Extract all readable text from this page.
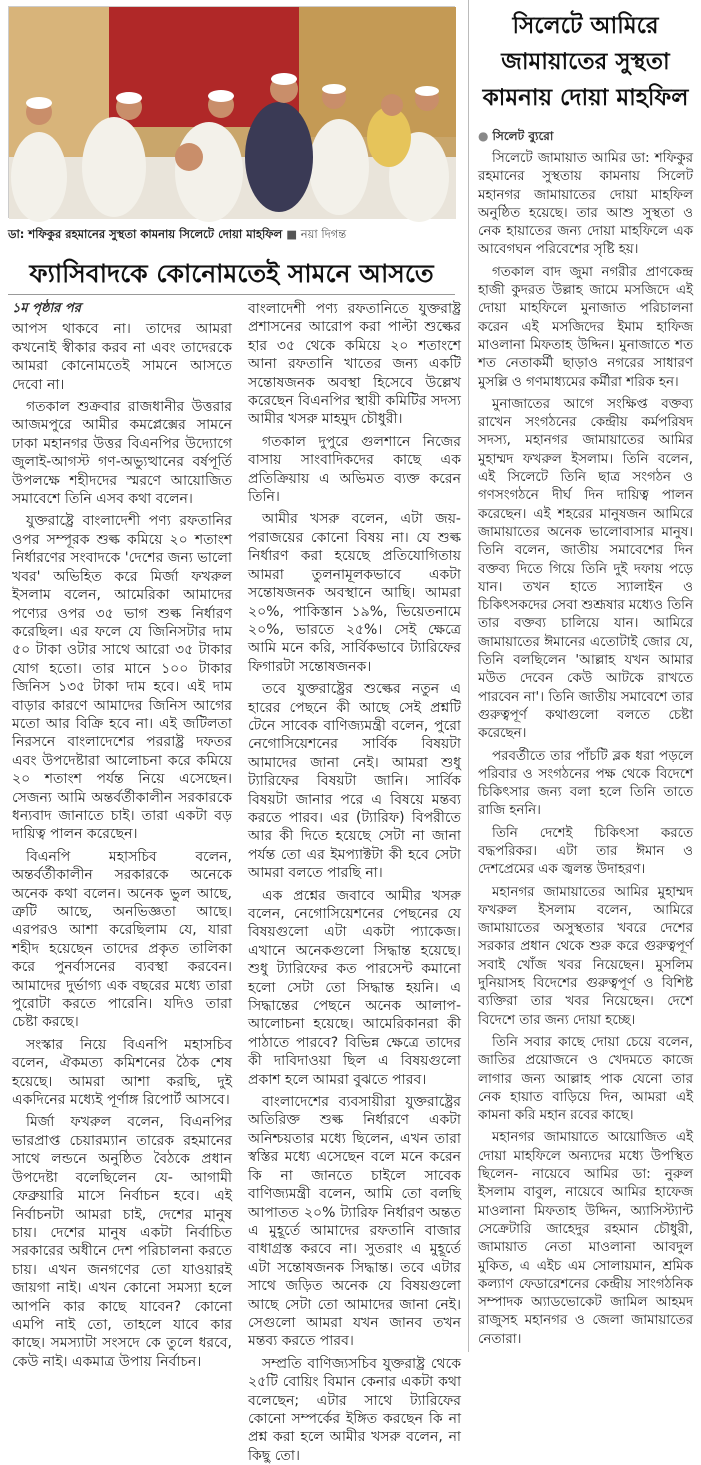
ডা: শফিকুর রহমানের সুস্থতা কামনায় সিলেটে দোয়া মাহফিল ■ নয়া দিগন্ত
ফ্যাসিবাদকে কোনোমতেই সামনে আসতে
১ম পৃষ্ঠার পর

আপস থাকবে না। তাদের আমরা কখনোই স্বীকার করব না এবং তাদেরকে আমরা কোনোমতেই সামনে আসতে দেবো না।

গতকাল শুক্রবার রাজধানীর উত্তরার আজমপুরে আমীর কমপ্লেক্সের সামনে ঢাকা মহানগর উত্তর বিএনপির উদ্যোগে জুলাই-আগস্ট গণ-অভ্যুত্থানের বর্ষপূর্তি উপলক্ষে শহীদদের স্মরণে আয়োজিত সমাবেশে তিনি এসব কথা বলেন।

যুক্তরাষ্ট্রে বাংলাদেশী পণ্য রফতানির ওপর সম্পূরক শুল্ক কমিয়ে ২০ শতাংশ নির্ধারণের সংবাদকে 'দেশের জন্য ভালো খবর' অভিহিত করে মির্জা ফখরুল ইসলাম বলেন, আমেরিকা আমাদের পণ্যের ওপর ৩৫ ভাগ শুল্ক নির্ধারণ করেছিল। এর ফলে যে জিনিসটার দাম ৫০ টাকা ওটার সাথে আরো ৩৫ টাকার যোগ হতো। তার মানে ১০০ টাকার জিনিস ১৩৫ টাকা দাম হবে। এই দাম বাড়ার কারণে আমাদের জিনিস আগের মতো আর বিক্রি হবে না। এই জটিলতা নিরসনে বাংলাদেশের পররাষ্ট্র দফতর এবং উপদেষ্টারা আলোচনা করে কমিয়ে ২০ শতাংশ পর্যন্ত নিয়ে এসেছেন। সেজন্য আমি অন্তর্বর্তীকালীন সরকারকে ধন্যবাদ জানাতে চাই। তারা একটা বড় দায়িত্ব পালন করেছেন।

বিএনপি মহাসচিব বলেন, অন্তর্বর্তীকালীন সরকারকে অনেকে অনেক কথা বলেন। অনেক ভুল আছে, ত্রুটি আছে, অনভিজ্ঞতা আছে। এরপরও আশা করেছিলাম যে, যারা শহীদ হয়েছেন তাদের প্রকৃত তালিকা করে পুনর্বাসনের ব্যবস্থা করবেন। আমাদের দুর্ভাগ্য এক বছরের মধ্যে তারা পুরোটা করতে পারেনি। যদিও তারা চেষ্টা করছে।

সংস্কার নিয়ে বিএনপি মহাসচিব বলেন, ঐকমত্য কমিশনের ঠৈক শেষ হয়েছে। আমরা আশা করছি, দুই একদিনের মধ্যেই পূর্ণাঙ্গ রিপোর্ট আসবে।

মির্জা ফখরুল বলেন, বিএনপির ভারপ্রাপ্ত চেয়ারম্যান তারেক রহমানের সাথে লন্ডনে অনুষ্ঠিত বৈঠকে প্রধান উপদেষ্টা বলেছিলেন যে- আগামী ফেব্রুয়ারি মাসে নির্বাচন হবে। এই নির্বাচনটা আমরা চাই, দেশের মানুষ চায়। দেশের মানুষ একটা নির্বাচিত সরকারের অধীনে দেশ পরিচালনা করতে চায়। এখন জনগণের তো যাওয়ারই জায়গা নাই। এখন কোনো সমস্যা হলে আপনি কার কাছে যাবেন? কোনো এমপি নাই তো, তাহলে যাবে কার কাছে। সমস্যাটা সংসদে কে তুলে ধরবে, কেউ নাই। একমাত্র উপায় নির্বাচন।

বাংলাদেশী পণ্য রফতানিতে যুক্তরাষ্ট্র প্রশাসনের আরোপ করা পাল্টা শুল্কের হার ৩৫ থেকে কমিয়ে ২০ শতাংশে আনা রফতানি খাতের জন্য একটি সন্তোষজনক অবস্থা হিসেবে উল্লেখ করেছেন বিএনপির স্থায়ী কমিটির সদস্য আমীর খসরু মাহমুদ চৌধুরী।

গতকাল দুপুরে গুলশানে নিজের বাসায় সাংবাদিকদের কাছে এক প্রতিক্রিয়ায় এ অভিমত ব্যক্ত করেন তিনি।

আমীর খসরু বলেন, এটা জয়-পরাজয়ের কোনো বিষয় না। যে শুল্ক নির্ধারণ করা হয়েছে প্রতিযোগিতায় আমরা তুলনামূলকভাবে একটা সন্তোষজনক অবস্থানে আছি। আমরা ২০%, পাকিস্তান ১৯%, ভিয়েতনামে ২০%, ভারতে ২৫%। সেই ক্ষেত্রে আমি মনে করি, সার্বিকভাবে ট্যারিফের ফিগারটা সন্তোষজনক।

তবে যুক্তরাষ্ট্রের শুল্কের নতুন এ হারের পেছনে কী আছে সেই প্রশ্নটি টেনে সাবেক বাণিজ্যমন্ত্রী বলেন, পুরো নেগোসিয়েশনের সার্বিক বিষয়টা আমাদের জানা নেই। আমরা শুধু ট্যারিফের বিষয়টা জানি। সার্বিক বিষয়টা জানার পরে এ বিষয়ে মন্তব্য করতে পারব। এর (ট্যারিফ) বিপরীতে আর কী দিতে হয়েছে সেটা না জানা পর্যন্ত তো এর ইমপ্যাক্টটা কী হবে সেটা আমরা বলতে পারছি না।

এক প্রশ্নের জবাবে আমীর খসরু বলেন, নেগোসিয়েশনের পেছনের যে বিষয়গুলো এটা একটা প্যাকেজ। এখানে অনেকগুলো সিদ্ধান্ত হয়েছে। শুধু ট্যারিফের কত পারসেন্ট কমানো হলো সেটা তো সিদ্ধান্ত হয়নি। এ সিদ্ধান্তের পেছনে অনেক আলাপ-আলোচনা হয়েছে। আমেরিকানরা কী পাঠাতে পারবে? বিভিন্ন ক্ষেত্রে তাদের কী দাবিদাওয়া ছিল এ বিষয়গুলো প্রকাশ হলে আমরা বুঝতে পারব।

বাংলাদেশের ব্যবসায়ীরা যুক্তরাষ্ট্রের অতিরিক্ত শুল্ক নির্ধারণে একটা অনিশ্চয়তার মধ্যে ছিলেন, এখন তারা স্বস্তির মধ্যে এসেছেন বলে মনে করেন কি না জানতে চাইলে সাবেক বাণিজ্যমন্ত্রী বলেন, আমি তো বলছি আপাতত ২০% ট্যারিফ নির্ধারণ অন্তত এ মুহূর্তে আমাদের রফতানি বাজার বাধাগ্রস্ত করবে না। সুতরাং এ মুহূর্তে এটা সন্তোষজনক সিদ্ধান্ত। তবে এটার সাথে জড়িত অনেক যে বিষয়গুলো আছে সেটা তো আমাদের জানা নেই। সেগুলো আমরা যখন জানব তখন মন্তব্য করতে পারব।

সম্প্রতি বাণিজ্যসচিব যুক্তরাষ্ট্র থেকে ২৫টি বোয়িং বিমান কেনার একটা কথা বলেছেন; এটার সাথে ট্যারিফের কোনো সম্পর্কের ইঙ্গিত করছেন কি না প্রশ্ন করা হলে আমীর খসরু বলেন, না কিছু তো।

সিলেটে আমিরে জামায়াতের সুস্থতা কামনায় দোয়া মাহফিল
● সিলেট ব্যুরো

সিলেটে জামায়াত আমির ডা: শফিকুর রহমানের সুস্থতায় কামনায় সিলেট মহানগর জামায়াতের দোয়া মাহফিল অনুষ্ঠিত হয়েছে। তার আশু সুস্থতা ও নেক হায়াতের জন্য দোয়া মাহফিলে এক আবেগঘন পরিবেশের সৃষ্টি হয়।

গতকাল বাদ জুমা নগরীর প্রাণকেন্দ্র হাজী কুদরত উল্লাহ জামে মসজিদে এই দোয়া মাহফিলে মুনাজাত পরিচালনা করেন এই মসজিদের ইমাম হাফিজ মাওলানা মিফতাহ উদ্দিন। মুনাজাতে শত শত নেতাকর্মী ছাড়াও নগরের সাধারণ মুসল্লি ও গণমাধ্যমের কর্মীরা শরিক হন।

মুনাজাতের আগে সংক্ষিপ্ত বক্তব্য রাখেন সংগঠনের কেন্দ্রীয় কর্মপরিষদ সদস্য, মহানগর জামায়াতের আমির মুহাম্মদ ফখরুল ইসলাম। তিনি বলেন, এই সিলেটে তিনি ছাত্র সংগঠন ও গণসংগঠনে দীর্ঘ দিন দায়িত্ব পালন করেছেন। এই শহরের মানুষজন আমিরে জামায়াতের অনেক ভালোবাসার মানুষ। তিনি বলেন, জাতীয় সমাবেশের দিন বক্তব্য দিতে গিয়ে তিনি দুই দফায় পড়ে যান। তখন হাতে স্যালাইন ও চিকিৎসকদের সেবা শুশ্রূষার মধ্যেও তিনি তার বক্তব্য চালিয়ে যান। আমিরে জামায়াতের ঈমানের এতোটাই জোর যে, তিনি বলছিলেন 'আল্লাহ যখন আমার মউত দেবেন কেউ আটকে রাখতে পারবেন না'। তিনি জাতীয় সমাবেশে তার গুরুত্বপূর্ণ কথাগুলো বলতে চেষ্টা করেছেন।

পরবর্তীতে তার পাঁচটি ব্লক ধরা পড়লে পরিবার ও সংগঠনের পক্ষ থেকে বিদেশে চিকিৎসার জন্য বলা হলে তিনি তাতে রাজি হননি।

তিনি দেশেই চিকিৎসা করতে বদ্ধপরিকর। এটা তার ঈমান ও দেশপ্রেমের এক জ্বলন্ত উদাহরণ।

মহানগর জামায়াতের আমির মুহাম্মদ ফখরুল ইসলাম বলেন, আমিরে জামায়াতের অসুস্থতার খবরে দেশের সরকার প্রধান থেকে শুরু করে গুরুত্বপূর্ণ সবাই খোঁজ খবর নিয়েছেন। মুসলিম দুনিয়াসহ বিদেশের গুরুত্বপূর্ণ ও বিশিষ্ট ব্যক্তিরা তার খবর নিয়েছেন। দেশে বিদেশে তার জন্য দোয়া হচ্ছে।

তিনি সবার কাছে দোয়া চেয়ে বলেন, জাতির প্রয়োজনে ও খেদমতে কাজে লাগার জন্য আল্লাহ পাক যেনো তার নেক হায়াত বাড়িয়ে দিন, আমরা এই কামনা করি মহান রবের কাছে।

মহানগর জামায়াতে আয়োজিত এই দোয়া মাহফিলে অন্যদের মধ্যে উপস্থিত ছিলেন- নায়েবে আমির ডা: নুরুল ইসলাম বাবুল, নায়েবে আমির হাফেজ মাওলানা মিফতাহ উদ্দিন, অ্যাসিস্ট্যান্ট সেক্রেটারি জাহেদুর রহমান চৌধুরী, জামায়াত নেতা মাওলানা আবদুল মুকিত, এ এইচ এম সোলায়মান, শ্রমিক কল্যাণ ফেডারেশনের কেন্দ্রীয় সাংগঠনিক সম্পাদক অ্যাডভোকেট জামিল আহমদ রাজুসহ মহানগর ও জেলা জামায়াতের নেতারা।
